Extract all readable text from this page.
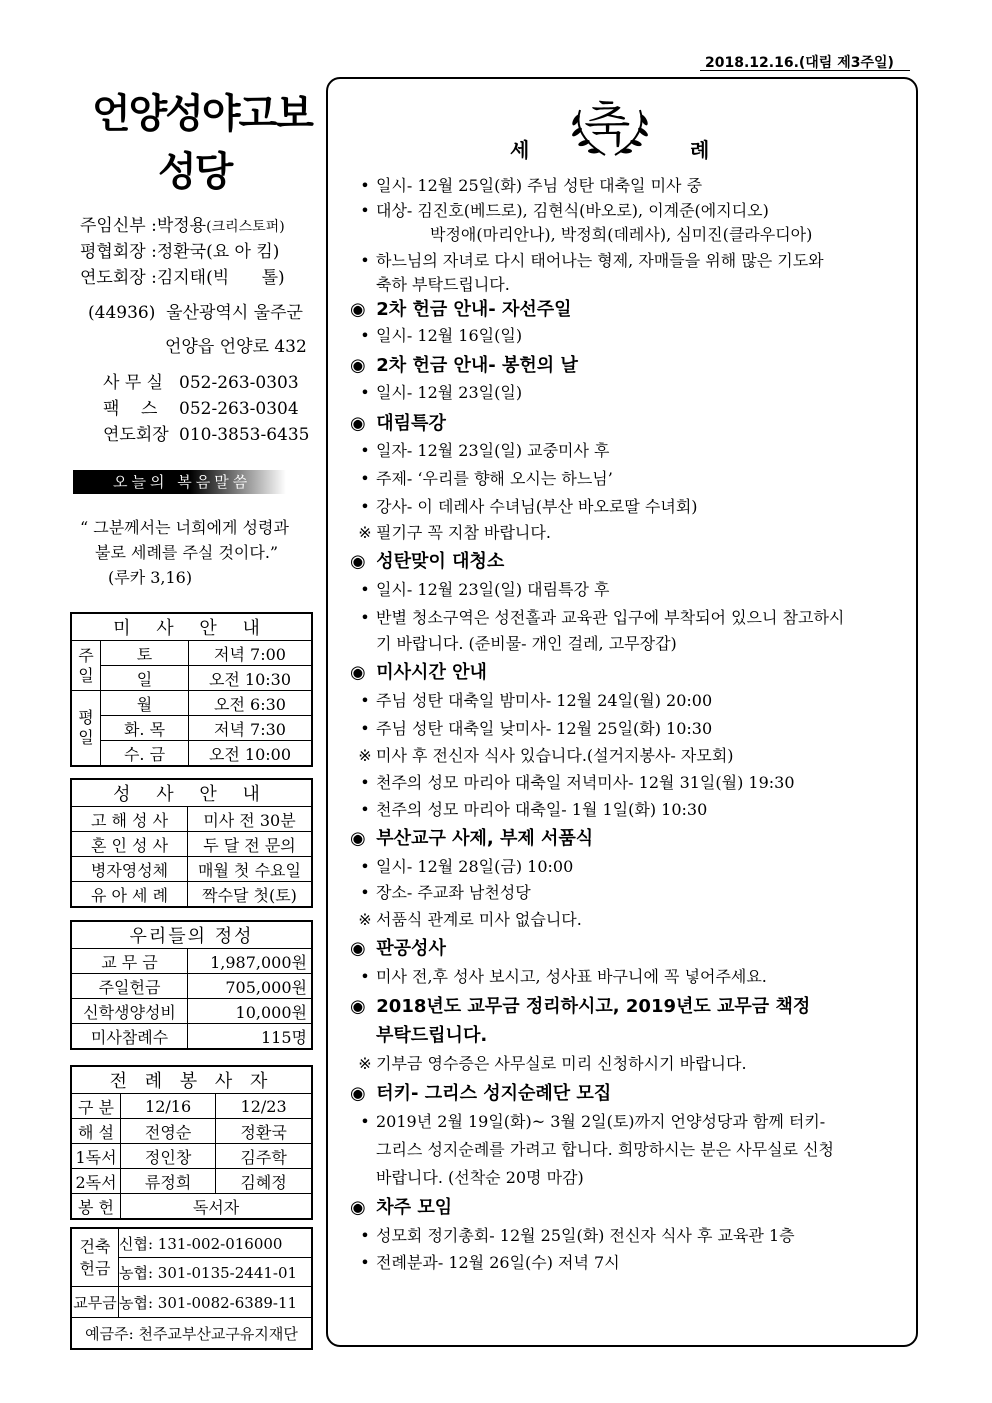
2018.12.16.(대림 제3주일)
언양성야고보
성당
주임신부 :박정용(크리스토퍼)
평협회장 :정환국(요 아 킴)
연도회장 :김지태(빅      톨)
(44936)  울산광역시 울주군
언양읍 언양로 432
사 무 실 052-263-0303
팩    스 052-263-0304
연도회장 010-3853-6435
오늘의 복음말씀
“ 그분께서는 너희에게 성령과
불로 세례를 주실 것이다.”
(루카 3,16)
미 사 안 내		
주일	토	저녁 7:00
	일	오전 10:30
평일	월	오전 6:30
	화. 목	저녁 7:30
	수. 금	오전 10:00
성 사 안 내	
고 해 성 사	미사 전 30분
혼 인 성 사	두 달 전 문의
병자영성체	매월 첫 수요일
유 아 세 례	짝수달 첫(토)
우리들의 정성	
교 무 금	1,987,000원
주일헌금	705,000원
신학생양성비	10,000원
미사참례수	115명
전 례 봉 사 자		
구 분	12/16	12/23
해 설	전영순	정환국
1독서	정인창	김주학
2독서	류정희	김혜정
봉 헌	독서자	
건축
헌금	신협: 131-002-016000
	농협: 301-0135-2441-01
교무금	농협: 301-0082-6389-11
예금주: 천주교부산교구유지재단	
축
세	례
• 일시- 12월 25일(화) 주님 성탄 대축일 미사 중
• 대상- 김진호(베드로), 김현식(바오로), 이계준(에지디오)
박정애(마리안나), 박정희(데레사), 심미진(클라우디아)
• 하느님의 자녀로 다시 태어나는 형제, 자매들을 위해 많은 기도와
축하 부탁드립니다.
◉ 2차 헌금 안내- 자선주일
• 일시- 12월 16일(일)
◉ 2차 헌금 안내- 봉헌의 날
• 일시- 12월 23일(일)
◉ 대림특강
• 일자- 12월 23일(일) 교중미사 후
• 주제- ‘우리를 향해 오시는 하느님’
• 강사- 이 데레사 수녀님(부산 바오로딸 수녀회)
※ 필기구 꼭 지참 바랍니다.
◉ 성탄맞이 대청소
• 일시- 12월 23일(일) 대림특강 후
• 반별 청소구역은 성전홀과 교육관 입구에 부착되어 있으니 참고하시
기 바랍니다. (준비물- 개인 걸레, 고무장갑)
◉ 미사시간 안내
• 주님 성탄 대축일 밤미사- 12월 24일(월) 20:00
• 주님 성탄 대축일 낮미사- 12월 25일(화) 10:30
※ 미사 후 전신자 식사 있습니다.(설거지봉사- 자모회)
• 천주의 성모 마리아 대축일 저녁미사- 12월 31일(월) 19:30
• 천주의 성모 마리아 대축일- 1월 1일(화) 10:30
◉ 부산교구 사제, 부제 서품식
• 일시- 12월 28일(금) 10:00
• 장소- 주교좌 남천성당
※ 서품식 관계로 미사 없습니다.
◉ 판공성사
• 미사 전,후 성사 보시고, 성사표 바구니에 꼭 넣어주세요.
◉ 2018년도 교무금 정리하시고, 2019년도 교무금 책정
부탁드립니다.
※ 기부금 영수증은 사무실로 미리 신청하시기 바랍니다.
◉ 터키- 그리스 성지순례단 모집
• 2019년 2월 19일(화)~ 3월 2일(토)까지 언양성당과 함께 터키-
그리스 성지순례를 가려고 합니다. 희망하시는 분은 사무실로 신청
바랍니다. (선착순 20명 마감)
◉ 차주 모임
• 성모회 정기총회- 12월 25일(화) 전신자 식사 후 교육관 1층
• 전례분과- 12월 26일(수) 저녁 7시
